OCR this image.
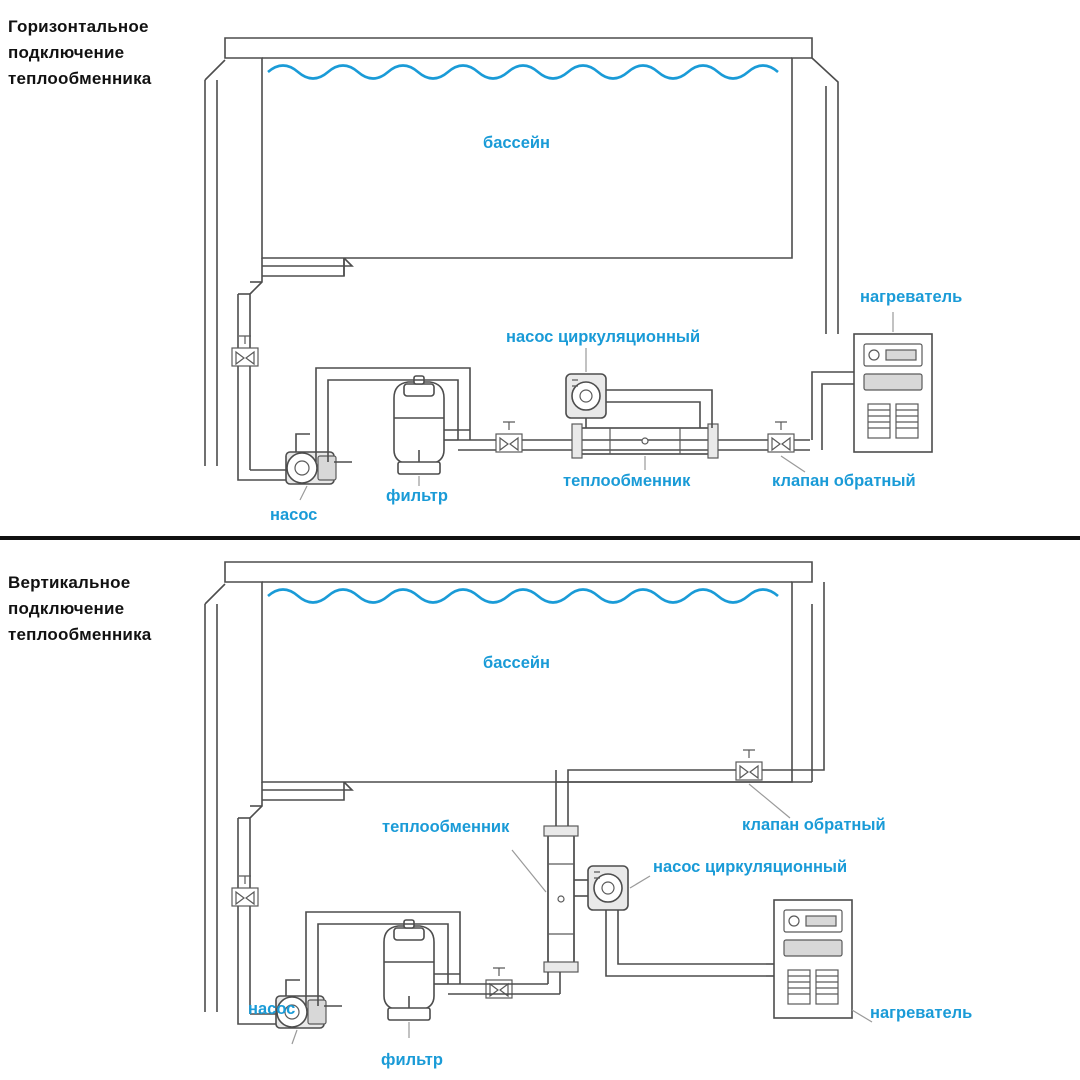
Горизонтальное подключение теплообменника
бассейн
насос
фильтр
насос циркуляционный
теплообменник	клапан обратный
нагреватель
Вертикальное подключение теплообменника
бассейн
насос
фильтр
насос циркуляционный
теплообменник	клапан обратный
нагреватель
